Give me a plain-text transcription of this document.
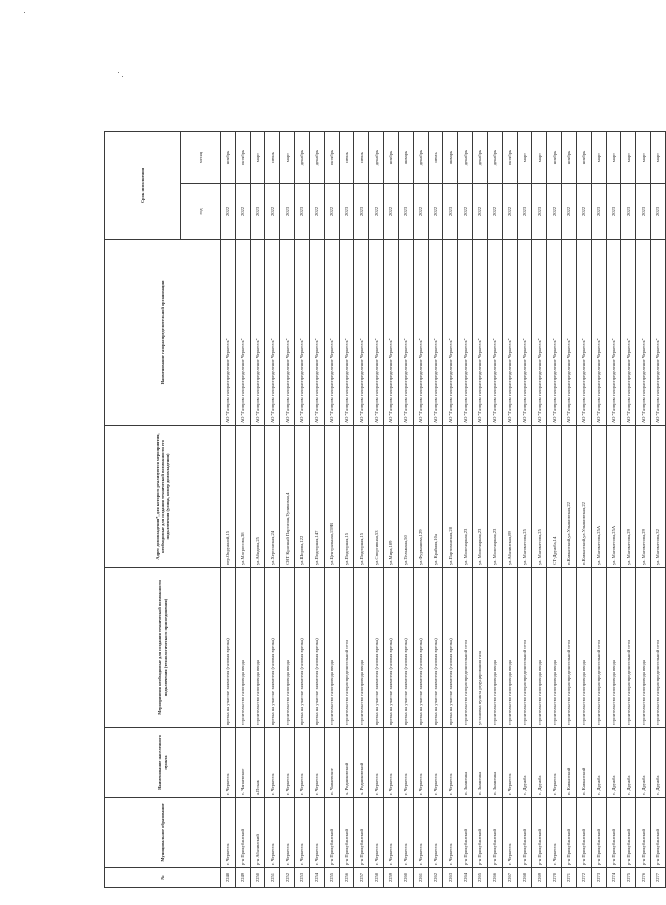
№	Муниципальное образование	Наименование населенного пункта	Мероприятия необходимые для создания технической возможности подключения (технологического присоединения)	Адрес домовладения*, для которого реализуются мероприятия, необходимые для создания технической возможности его подключения (улица, номер домовладения)	Наименование газораспределительной организации	Срок исполнения	
						год	месяц
2248	г. Черкесск	г. Черкесск	врезка на участке заявителя (газовая врезка)	пер.Окружной,15	АО "Газпром газораспределение Черкесск"	2022	ноябрь
2249	р-н Прикубанский	с. Чапаевское	строительство газопровода ввода	ул.Матросова,38	АО "Газпром газораспределение Черкесск"	2022	октябрь
2250	р-н Абазинский	а.Псыж	строительство газопровода ввода	ул.Абидова,25	АО "Газпром газораспределение Черкесск"	2023	март
2251	г. Черкесск	г. Черкесск	врезка на участке заявителя (газовая врезка)	ул.Херсонская,24	АО "Газпром газораспределение Черкесск"	2022	июнь
2252	г. Черкесск	г. Черкесск	строительство газопровода ввода	СНТ Красный Партизан,Тупиковая,4	АО "Газпром газораспределение Черкесск"	2023	март
2253	г. Черкесск	г. Черкесск	врезка на участке заявителя (газовая врезка)	ул.Шорова,122	АО "Газпром газораспределение Черкесск"	2023	декабрь
2254	г. Черкесск	г. Черкесск	врезка на участке заявителя (газовая врезка)	ул.Подгорная,147	АО "Газпром газораспределение Черкесск"	2022	декабрь
2255	р-н Прикубанский	п. Чапаевское	строительство газопровода ввода	ул.Центральная,159В	АО "Газпром газораспределение Черкесск"	2022	октябрь
2256	р-н Прикубанский	х. Родниковский	строительство газораспределительной сети	ул.Подгорная,15	АО "Газпром газораспределение Черкесск"	2023	июнь
2257	р-н Прикубанский	х. Родниковский	строительство газопровода ввода	ул.Подгорная,15	АО "Газпром газораспределение Черкесск"	2023	июнь
2258	г. Черкесск	г. Черкесск	врезка на участке заявителя (газовая врезка)	ул.Спортивная,53	АО "Газпром газораспределение Черкесск"	2022	декабрь
2259	г. Черкесск	г. Черкесск	врезка на участке заявителя (газовая врезка)	ул.Мира,109	АО "Газпром газораспределение Черкесск"	2022	ноябрь
2260	г. Черкесск	г. Черкесск	врезка на участке заявителя (газовая врезка)	ул.Тельмана,50	АО "Газпром газораспределение Черкесск"	2023	январь
2261	г. Черкесск	г. Черкесск	врезка на участке заявителя (газовая врезка)	ул.Фурманова,129	АО "Газпром газораспределение Черкесск"	2022	декабрь
2262	г. Черкесск	г. Черкесск	врезка на участке заявителя (газовая врезка)	ул. Крайняя,10а	АО "Газпром газораспределение Черкесск"	2022	июль
2263	г. Черкесск	г. Черкесск	врезка на участке заявителя (газовая врезка)	ул.Партизанская,28	АО "Газпром газораспределение Черкесск"	2023	январь
2264	р-н Прикубанский	п. Знаменка	строительство газораспределительной сети	ул. Молочарная,23	АО "Газпром газораспределение Черкесск"	2022	декабрь
2265	р-н Прикубанский	п. Знаменка	установка пункта редуцирования газа	ул. Молочарная,23	АО "Газпром газораспределение Черкесск"	2022	декабрь
2266	р-н Прикубанский	п. Знаменка	строительство газопровода ввода	ул. Молочарная,23	АО "Газпром газораспределение Черкесск"	2022	декабрь
2267	г. Черкесск	г. Черкесск	строительство газопровода ввода	ул.Абазинская,89	АО "Газпром газораспределение Черкесск"	2022	октябрь
2268	р-н Прикубанский	с. Дружба	строительство газораспределительной сети	ул. Магометова,25	АО "Газпром газораспределение Черкесск"	2023	март
2269	р-н Прикубанский	с. Дружба	строительство газопровода ввода	ул. Магометова,25	АО "Газпром газораспределение Черкесск"	2023	март
2270	г. Черкесск	г. Черкесск	строительство газопровода ввода	СТ-Дружба,14	АО "Газпром газораспределение Черкесск"	2022	ноябрь
2271	р-н Прикубанский	п. Кавказский	строительство газораспределительной сети	п.Кавказский,ул.Ульяновская,22	АО "Газпром газораспределение Черкесск"	2022	ноябрь
2272	р-н Прикубанский	п. Кавказский	строительство газопровода ввода	п.Кавказский,ул.Ульяновская,22	АО "Газпром газораспределение Черкесск"	2022	ноябрь
2273	р-н Прикубанский	с. Дружба	строительство газораспределительной сети	ул. Магометова,25А	АО "Газпром газораспределение Черкесск"	2023	март
2274	р-н Прикубанский	с. Дружба	строительство газопровода ввода	ул. Магометова,25А	АО "Газпром газораспределение Черкесск"	2023	март
2275	р-н Прикубанский	с. Дружба	строительство газораспределительной сети	ул. Магометова,29	АО "Газпром газораспределение Черкесск"	2023	март
2276	р-н Прикубанский	с. Дружба	строительство газопровода ввода	ул. Магометова,29	АО "Газпром газораспределение Черкесск"	2023	март
2277	р-н Прикубанский	с. Дружба	строительство газораспределительной сети	ул. Магометова,32	АО "Газпром газораспределение Черкесск"	2023	март
